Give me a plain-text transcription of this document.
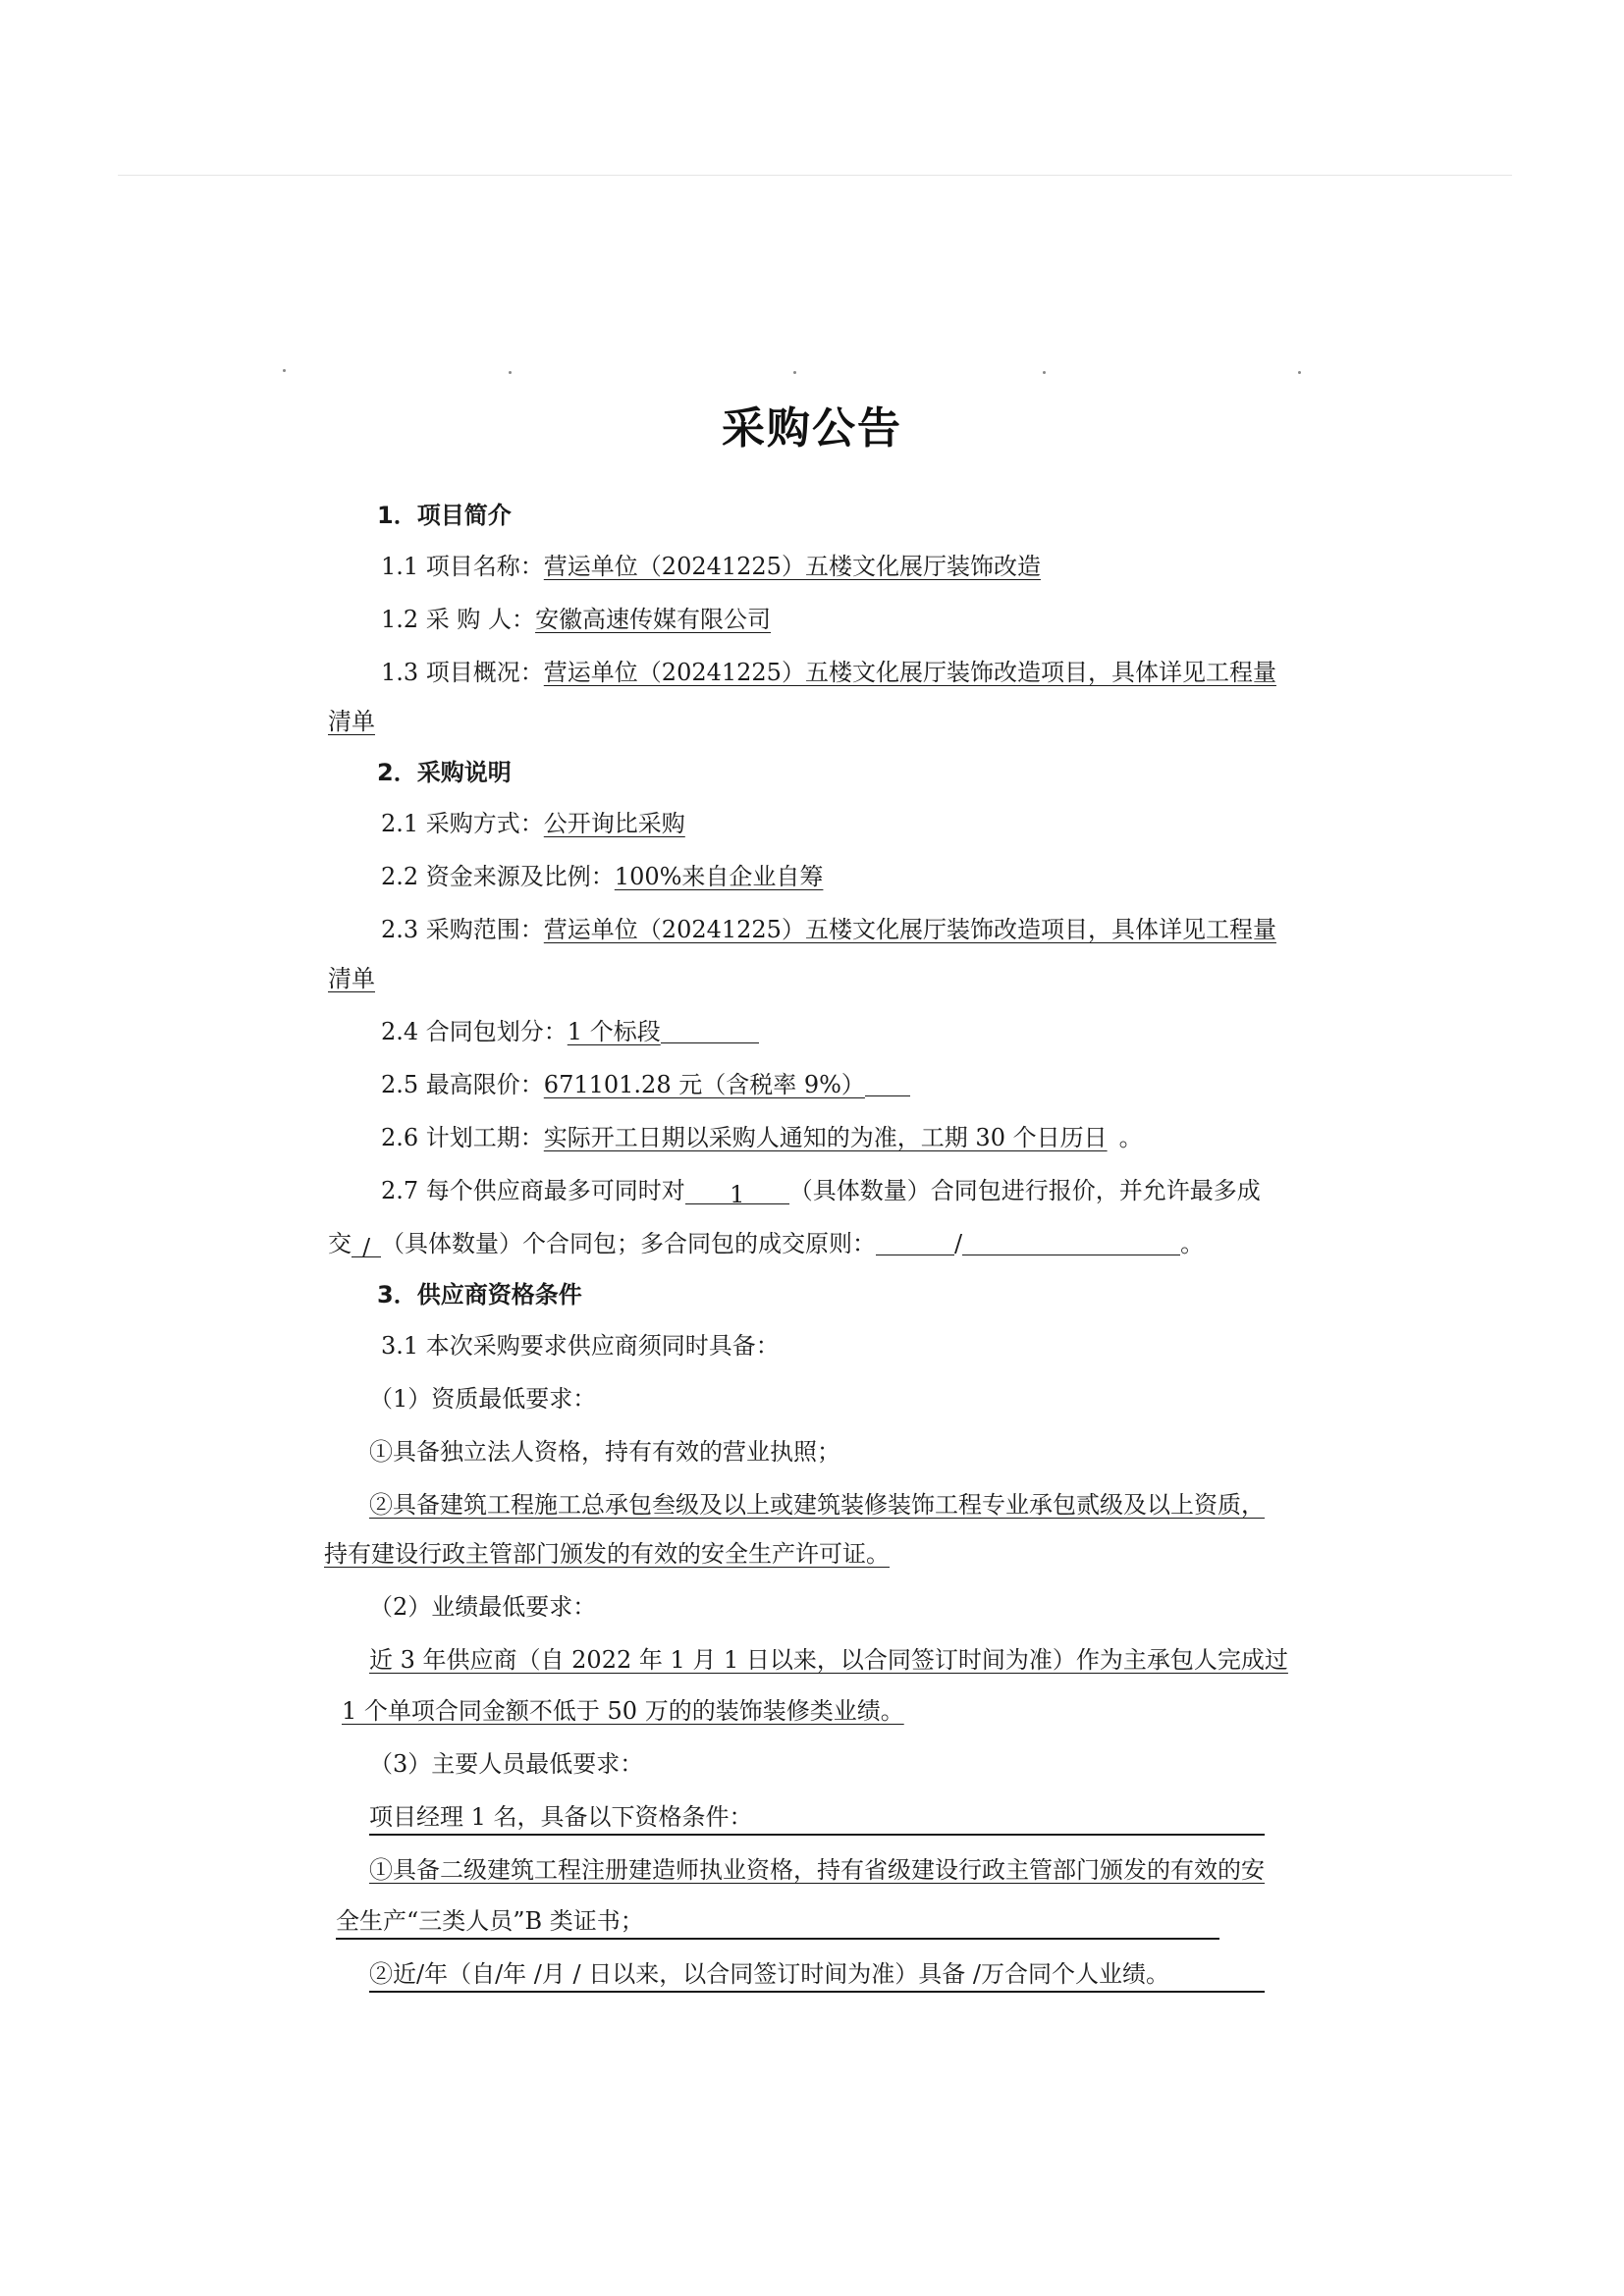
采购公告
1．项目简介
1.1 项目名称：营运单位（20241225）五楼文化展厅装饰改造
1.2 采 购 人：安徽高速传媒有限公司
1.3 项目概况：营运单位（20241225）五楼文化展厅装饰改造项目，具体详见工程量
清单
2．采购说明
2.1 采购方式：公开询比采购
2.2 资金来源及比例：100%来自企业自筹
2.3 采购范围：营运单位（20241225）五楼文化展厅装饰改造项目，具体详见工程量
清单
2.4 合同包划分：1 个标段
2.5 最高限价：671101.28 元（含税率 9%）
2.6 计划工期：实际开工日期以采购人通知的为准，工期 30 个日历日 。
2.7 每个供应商最多可同时对 1 （具体数量）合同包进行报价，并允许最多成
交 / （具体数量）个合同包；多合同包的成交原则：	/	。
3．供应商资格条件
3.1 本次采购要求供应商须同时具备：
（1）资质最低要求：
①具备独立法人资格，持有有效的营业执照；
②具备建筑工程施工总承包叁级及以上或建筑装修装饰工程专业承包贰级及以上资质，
持有建设行政主管部门颁发的有效的安全生产许可证。
（2）业绩最低要求：
近 3 年供应商（自 2022 年 1 月 1 日以来，以合同签订时间为准）作为主承包人完成过
1 个单项合同金额不低于 50 万的的装饰装修类业绩。
（3）主要人员最低要求：
项目经理 1 名，具备以下资格条件：
①具备二级建筑工程注册建造师执业资格，持有省级建设行政主管部门颁发的有效的安
全生产“三类人员”B 类证书；
②近/年（自/年 /月 / 日以来，以合同签订时间为准）具备 /万合同个人业绩。
